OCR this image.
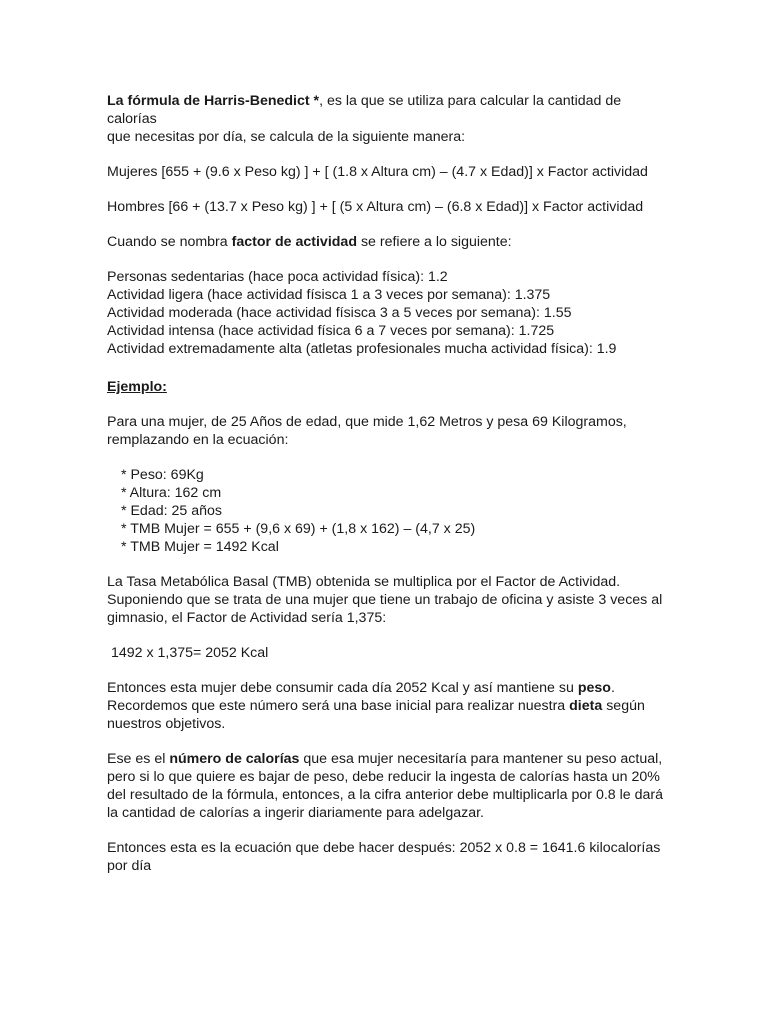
La fórmula de Harris-Benedict *, es la que se utiliza para calcular la cantidad de calorías
que necesitas por día, se calcula de la siguiente manera:

Mujeres [655 + (9.6 x Peso kg) ] + [ (1.8 x Altura cm) – (4.7 x Edad)] x Factor actividad

Hombres [66 + (13.7 x Peso kg) ] + [ (5 x Altura cm) – (6.8 x Edad)] x Factor actividad

Cuando se nombra factor de actividad se refiere a lo siguiente:

Personas sedentarias (hace poca actividad física): 1.2
Actividad ligera (hace actividad físisca 1 a 3 veces por semana): 1.375
Actividad moderada (hace actividad físisca 3 a 5 veces por semana): 1.55
Actividad intensa (hace actividad física 6 a 7 veces por semana): 1.725
Actividad extremadamente alta (atletas profesionales mucha actividad física): 1.9

Ejemplo:

Para una mujer, de 25 Años de edad, que mide 1,62 Metros y pesa 69 Kilogramos,
remplazando en la ecuación:

* Peso: 69Kg
* Altura: 162 cm
* Edad: 25 años
* TMB Mujer = 655 + (9,6 x 69) + (1,8 x 162) – (4,7 x 25)
* TMB Mujer = 1492 Kcal

La Tasa Metabólica Basal (TMB) obtenida se multiplica por el Factor de Actividad.
Suponiendo que se trata de una mujer que tiene un trabajo de oficina y asiste 3 veces al
gimnasio, el Factor de Actividad sería 1,375:

1492 x 1,375= 2052 Kcal

Entonces esta mujer debe consumir cada día 2052 Kcal y así mantiene su peso.
Recordemos que este número será una base inicial para realizar nuestra dieta según
nuestros objetivos.

Ese es el número de calorías que esa mujer necesitaría para mantener su peso actual,
pero si lo que quiere es bajar de peso, debe reducir la ingesta de calorías hasta un 20%
del resultado de la fórmula, entonces, a la cifra anterior debe multiplicarla por 0.8 le dará
la cantidad de calorías a ingerir diariamente para adelgazar.

Entonces esta es la ecuación que debe hacer después: 2052 x 0.8 = 1641.6 kilocalorías
por día
